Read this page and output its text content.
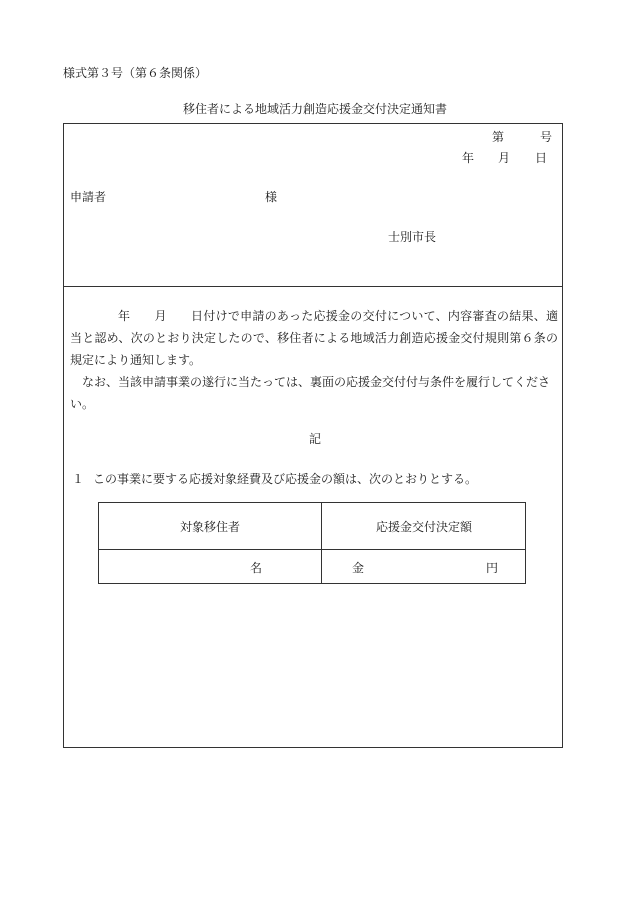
様式第３号（第６条関係）
移住者による地域活力創造応援金交付決定通知書
第	号
年 月 日
申請者	様
士別市長

年 月 日付けで申請のあった応援金の交付について、内容審査の結果、適当と認め、次のとおり決定したので、移住者による地域活力創造応援金交付規則第６条の規定により通知します。

なお、当該申請事業の遂行に当たっては、裏面の応援金交付付与条件を履行してください。

記
１ この事業に要する応援対象経費及び応援金の額は、次のとおりとする。
対象移住者	応援金交付決定額
名	金	円
